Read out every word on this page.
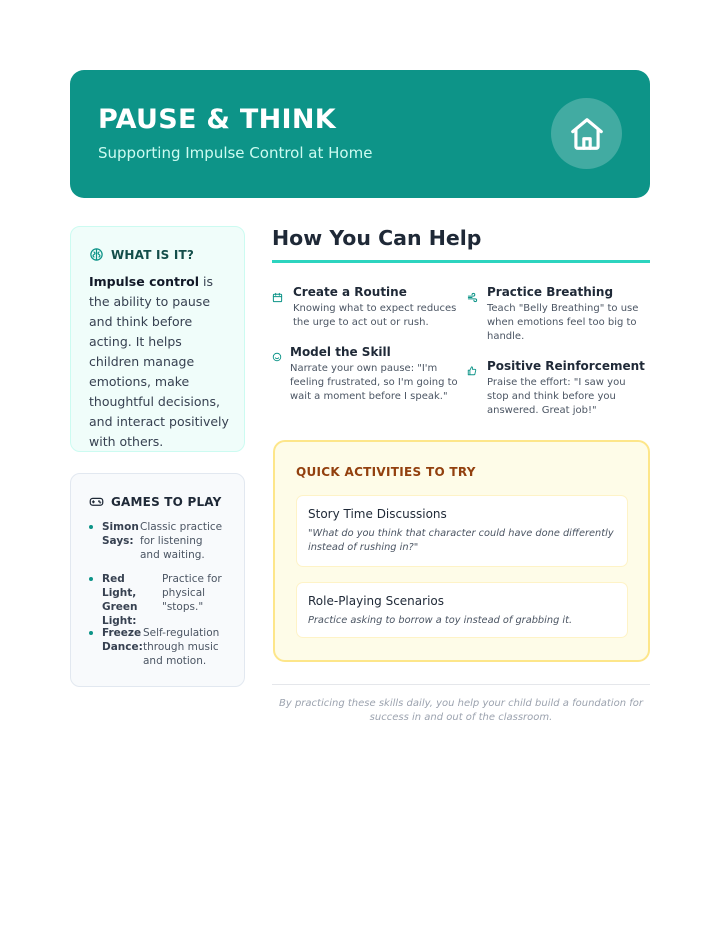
PAUSE & THINK
Supporting Impulse Control at Home
WHAT IS IT?
Impulse control is the ability to pause and think before acting. It helps children manage emotions, make thoughtful decisions, and interact positively with others.
GAMES TO PLAY
Simon Says:
Classic practice for listening and waiting.
Red Light, Green Light:
Practice for physical "stops."
Freeze Dance:
Self-regulation through music and motion.
How You Can Help
Create a Routine
Knowing what to expect reduces the urge to act out or rush.
Practice Breathing
Teach "Belly Breathing" to use when emotions feel too big to handle.
Model the Skill
Narrate your own pause: "I'm feeling frustrated, so I'm going to wait a moment before I speak."
Positive Reinforcement
Praise the effort: "I saw you stop and think before you answered. Great job!"
QUICK ACTIVITIES TO TRY
Story Time Discussions
"What do you think that character could have done differently instead of rushing in?"
Role-Playing Scenarios
Practice asking to borrow a toy instead of grabbing it.
By practicing these skills daily, you help your child build a foundation for success in and out of the classroom.
